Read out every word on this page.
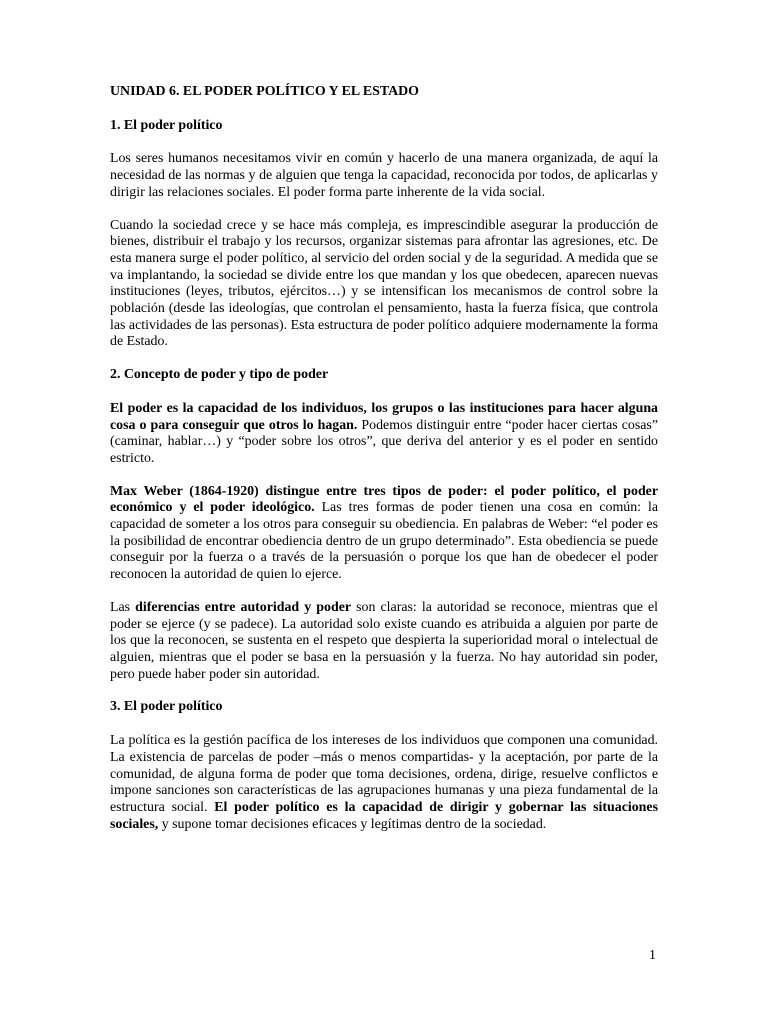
UNIDAD 6. EL PODER POLÍTICO Y EL ESTADO
1. El poder político

Los seres humanos necesitamos vivir en común y hacerlo de una manera organizada, de aquí la necesidad de las normas y de alguien que tenga la capacidad, reconocida por todos, de aplicarlas y dirigir las relaciones sociales. El poder forma parte inherente de la vida social.

Cuando la sociedad crece y se hace más compleja, es imprescindible asegurar la producción de bienes, distribuir el trabajo y los recursos, organizar sistemas para afrontar las agresiones, etc. De esta manera surge el poder político, al servicio del orden social y de la seguridad. A medida que se va implantando, la sociedad se divide entre los que mandan y los que obedecen, aparecen nuevas instituciones (leyes, tributos, ejércitos…) y se intensifican los mecanismos de control sobre la población (desde las ideologías, que controlan el pensamiento, hasta la fuerza física, que controla las actividades de las personas). Esta estructura de poder político adquiere modernamente la forma de Estado.

2. Concepto de poder y tipo de poder

El poder es la capacidad de los individuos, los grupos o las instituciones para hacer alguna cosa o para conseguir que otros lo hagan. Podemos distinguir entre “poder hacer ciertas cosas” (caminar, hablar…) y “poder sobre los otros”, que deriva del anterior y es el poder en sentido estricto.

Max Weber (1864-1920) distingue entre tres tipos de poder: el poder político, el poder económico y el poder ideológico. Las tres formas de poder tienen una cosa en común: la capacidad de someter a los otros para conseguir su obediencia. En palabras de Weber: “el poder es la posibilidad de encontrar obediencia dentro de un grupo determinado”. Esta obediencia se puede conseguir por la fuerza o a través de la persuasión o porque los que han de obedecer el poder reconocen la autoridad de quien lo ejerce.

Las diferencias entre autoridad y poder son claras: la autoridad se reconoce, mientras que el poder se ejerce (y se padece). La autoridad solo existe cuando es atribuida a alguien por parte de los que la reconocen, se sustenta en el respeto que despierta la superioridad moral o intelectual de alguien, mientras que el poder se basa en la persuasión y la fuerza. No hay autoridad sin poder, pero puede haber poder sin autoridad.

3. El poder político

La política es la gestión pacífica de los intereses de los individuos que componen una comunidad. La existencia de parcelas de poder –más o menos compartidas- y la aceptación, por parte de la comunidad, de alguna forma de poder que toma decisiones, ordena, dirige, resuelve conflictos e impone sanciones son características de las agrupaciones humanas y una pieza fundamental de la estructura social. El poder político es la capacidad de dirigir y gobernar las situaciones sociales, y supone tomar decisiones eficaces y legítimas dentro de la sociedad.

1
